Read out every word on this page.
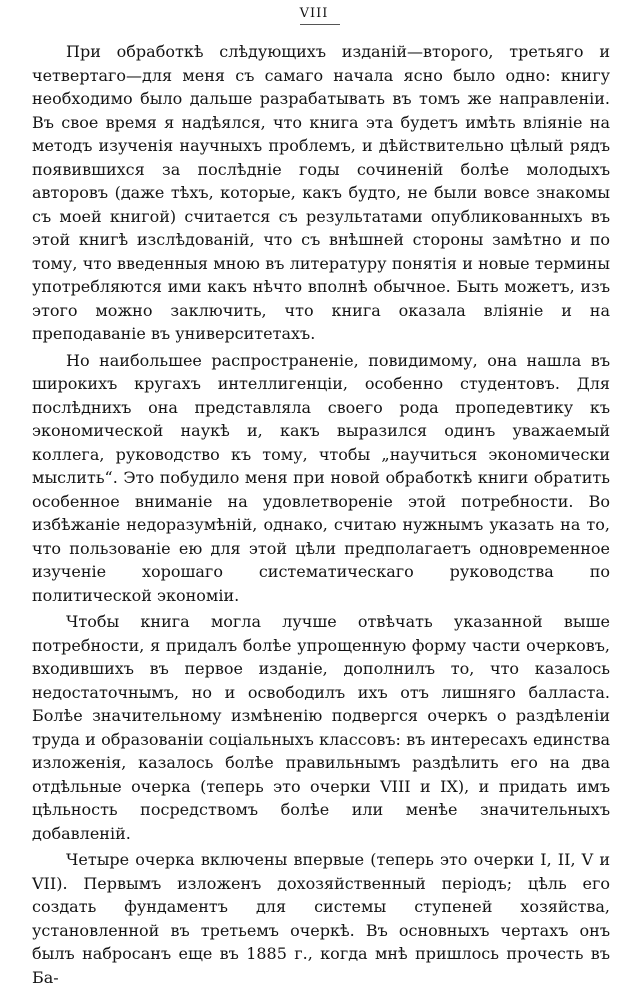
VIII

При обработкѣ слѣдующихъ изданій—второго, третьяго и четвертаго—для меня съ самаго начала ясно было одно: книгу необходимо было дальше разрабатывать въ томъ же направленіи. Въ свое время я надѣялся, что книга эта будетъ имѣть вліяніе на методъ изученія научныхъ проблемъ, и дѣйствительно цѣлый рядъ появившихся за послѣдніе годы сочиненій болѣе молодыхъ авторовъ (даже тѣхъ, которые, какъ будто, не были вовсе знакомы съ моей книгой) считается съ результатами опубликованныхъ въ этой книгѣ изслѣдованій, что съ внѣшней стороны замѣтно и по тому, что введенныя мною въ литературу понятія и новые термины употребляются ими какъ нѣчто вполнѣ обычное. Быть можетъ, изъ этого можно заключить, что книга оказала вліяніе и на преподаваніе въ университетахъ.

Но наибольшее распространеніе, повидимому, она нашла въ широкихъ кругахъ интеллигенціи, особенно студентовъ. Для послѣднихъ она представляла своего рода пропедевтику къ экономической наукѣ и, какъ выразился одинъ уважаемый коллега, руководство къ тому, чтобы „научиться экономически мыслить“. Это побудило меня при новой обработкѣ книги обратить особенное вниманіе на удовлетвореніе этой потребности. Во избѣжаніе недоразумѣній, однако, считаю нужнымъ указать на то, что пользованіе ею для этой цѣли предполагаетъ одновременное изученіе хорошаго систематическаго руководства по политической экономіи.

Чтобы книга могла лучше отвѣчать указанной выше потребности, я придалъ болѣе упрощенную форму части очерковъ, входившихъ въ первое изданіе, дополнилъ то, что казалось недостаточнымъ, но и освободилъ ихъ отъ лишняго балласта. Болѣе значительному измѣненію подвергся очеркъ о раздѣленіи труда и образованіи соціальныхъ классовъ: въ интересахъ единства изложенія, казалось болѣе правильнымъ раздѣлить его на два отдѣльные очерка (теперь это очерки VIII и IX), и придать имъ цѣльность посредствомъ болѣе или менѣе значительныхъ добавленій.

Четыре очерка включены впервые (теперь это очерки I, II, V и VII). Первымъ изложенъ дохозяйственный періодъ; цѣль его создать фундаментъ для системы ступеней хозяйства, установленной въ третьемъ очеркѣ. Въ основныхъ чертахъ онъ былъ набросанъ еще въ 1885 г., когда мнѣ пришлось прочесть въ Ба-
